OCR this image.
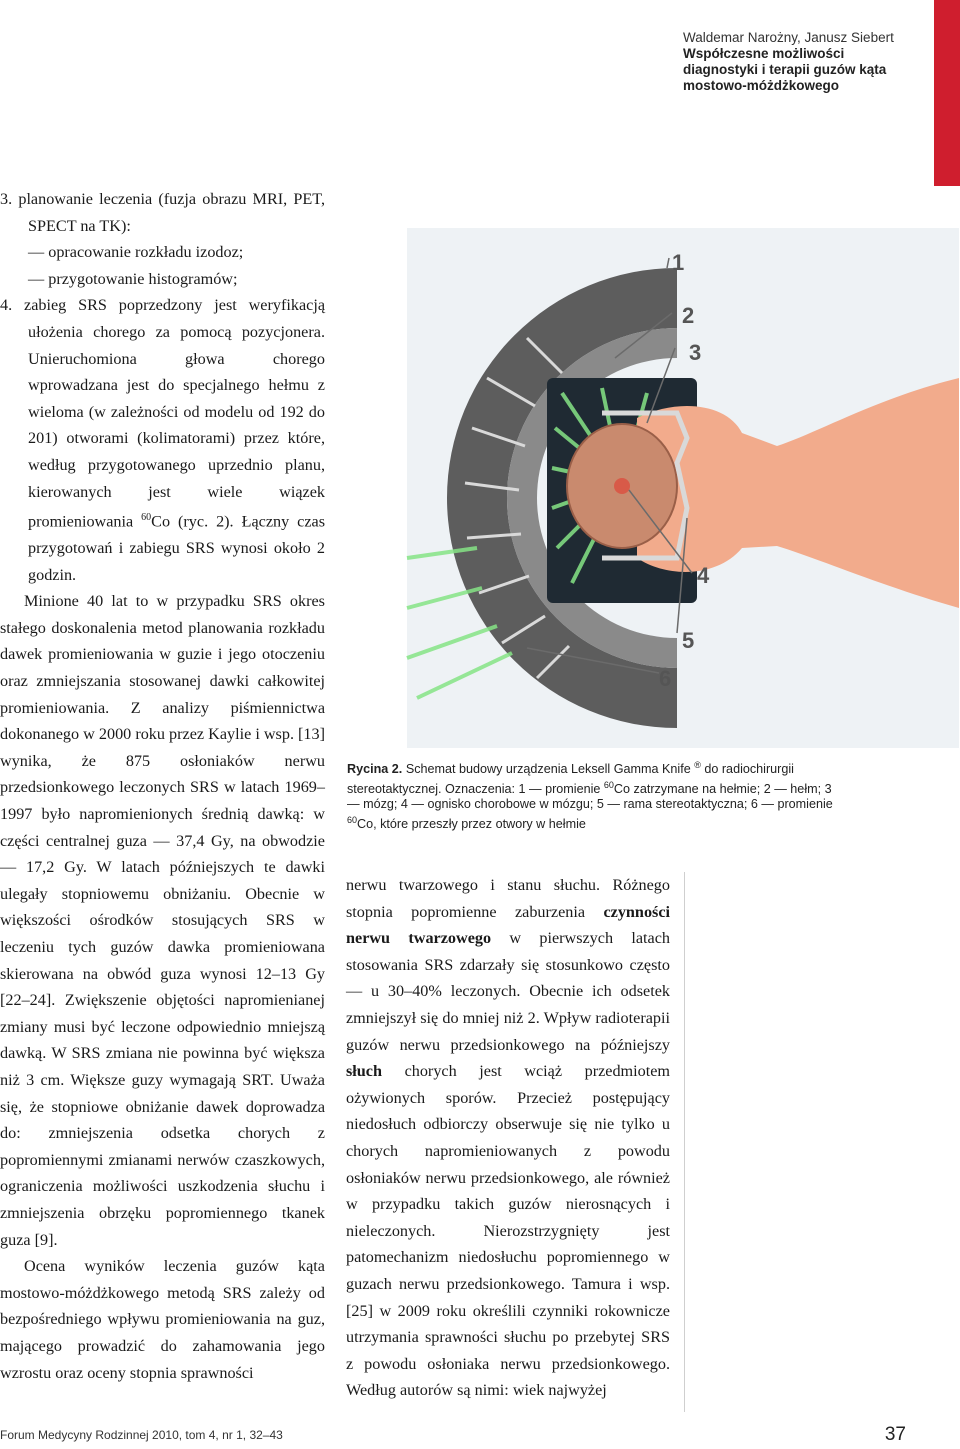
Waldemar Narożny, Janusz Siebert
Współczesne możliwości diagnostyki i terapii guzów kąta mostowo-móżdżkowego

3. planowanie leczenia (fuzja obrazu MRI, PET, SPECT na TK):

— opracowanie rozkładu izodoz;

— przygotowanie histogramów;

4. zabieg SRS poprzedzony jest weryfikacją ułożenia chorego za pomocą pozycjonera. Unieruchomiona głowa chorego wprowadzana jest do specjalnego hełmu z wieloma (w zależności od modelu od 192 do 201) otworami (kolimatorami) przez które, według przygotowanego uprzednio planu, kierowanych jest wiele wiązek promieniowania $^{60}$Co (ryc. 2). Łączny czas przygotowań i zabiegu SRS wynosi około 2 godzin.

Minione 40 lat to w przypadku SRS okres stałego doskonalenia metod planowania rozkładu dawek promieniowania w guzie i jego otoczeniu oraz zmniejszania stosowanej dawki całkowitej promieniowania. Z analizy piśmiennictwa dokonanego w 2000 roku przez Kaylie i wsp. [13] wynika, że 875 osłoniaków nerwu przedsionkowego leczonych SRS w latach 1969–1997 było napromienionych średnią dawką: w części centralnej guza — 37,4 Gy, na obwodzie — 17,2 Gy. W latach późniejszych te dawki ulegały stopniowemu obniżaniu. Obecnie w większości ośrodków stosujących SRS w leczeniu tych guzów dawka promieniowana skierowana na obwód guza wynosi 12–13 Gy [22–24]. Zwiększenie objętości napromienianej zmiany musi być leczone odpowiednio mniejszą dawką. W SRS zmiana nie powinna być większa niż 3 cm. Większe guzy wymagają SRT. Uważa się, że stopniowe obniżanie dawek doprowadza do: zmniejszenia odsetka chorych z popromiennymi zmianami nerwów czaszkowych, ograniczenia możliwości uszkodzenia słuchu i zmniejszenia obrzęku popromiennego tkanek guza [9].

Ocena wyników leczenia guzów kąta mostowo-móżdżkowego metodą SRS zależy od bezpośredniego wpływu promieniowania na guz, mającego prowadzić do zahamowania jego wzrostu oraz oceny stopnia sprawności

1
2
3
4
5
6
Rycina 2. Schemat budowy urządzenia Leksell Gamma Knife ® do radiochirurgii stereotaktycznej. Oznaczenia: 1 — promienie $^{60}$Co zatrzymane na hełmie; 2 — hełm; 3 — mózg; 4 — ognisko chorobowe w mózgu; 5 — rama stereotaktyczna; 6 — promienie $^{60}$Co, które przeszły przez otwory w hełmie

nerwu twarzowego i stanu słuchu. Różnego stopnia popromienne zaburzenia czynności nerwu twarzowego w pierwszych latach stosowania SRS zdarzały się stosunkowo często — u 30–40% leczonych. Obecnie ich odsetek zmniejszył się do mniej niż 2. Wpływ radioterapii guzów nerwu przedsionkowego na późniejszy słuch chorych jest wciąż przedmiotem ożywionych sporów. Przecież postępujący niedosłuch odbiorczy obserwuje się nie tylko u chorych napromieniowanych z powodu osłoniaków nerwu przedsionkowego, ale również w przypadku takich guzów nierosnących i nieleczonych. Nierozstrzygnięty jest patomechanizm niedosłuchu popromiennego w guzach nerwu przedsionkowego. Tamura i wsp. [25] w 2009 roku określili czynniki rokownicze utrzymania sprawności słuchu po przebytej SRS z powodu osłoniaka nerwu przedsionkowego. Według autorów są nimi: wiek najwyżej

Forum Medycyny Rodzinnej 2010, tom 4, nr 1, 32–43	37
